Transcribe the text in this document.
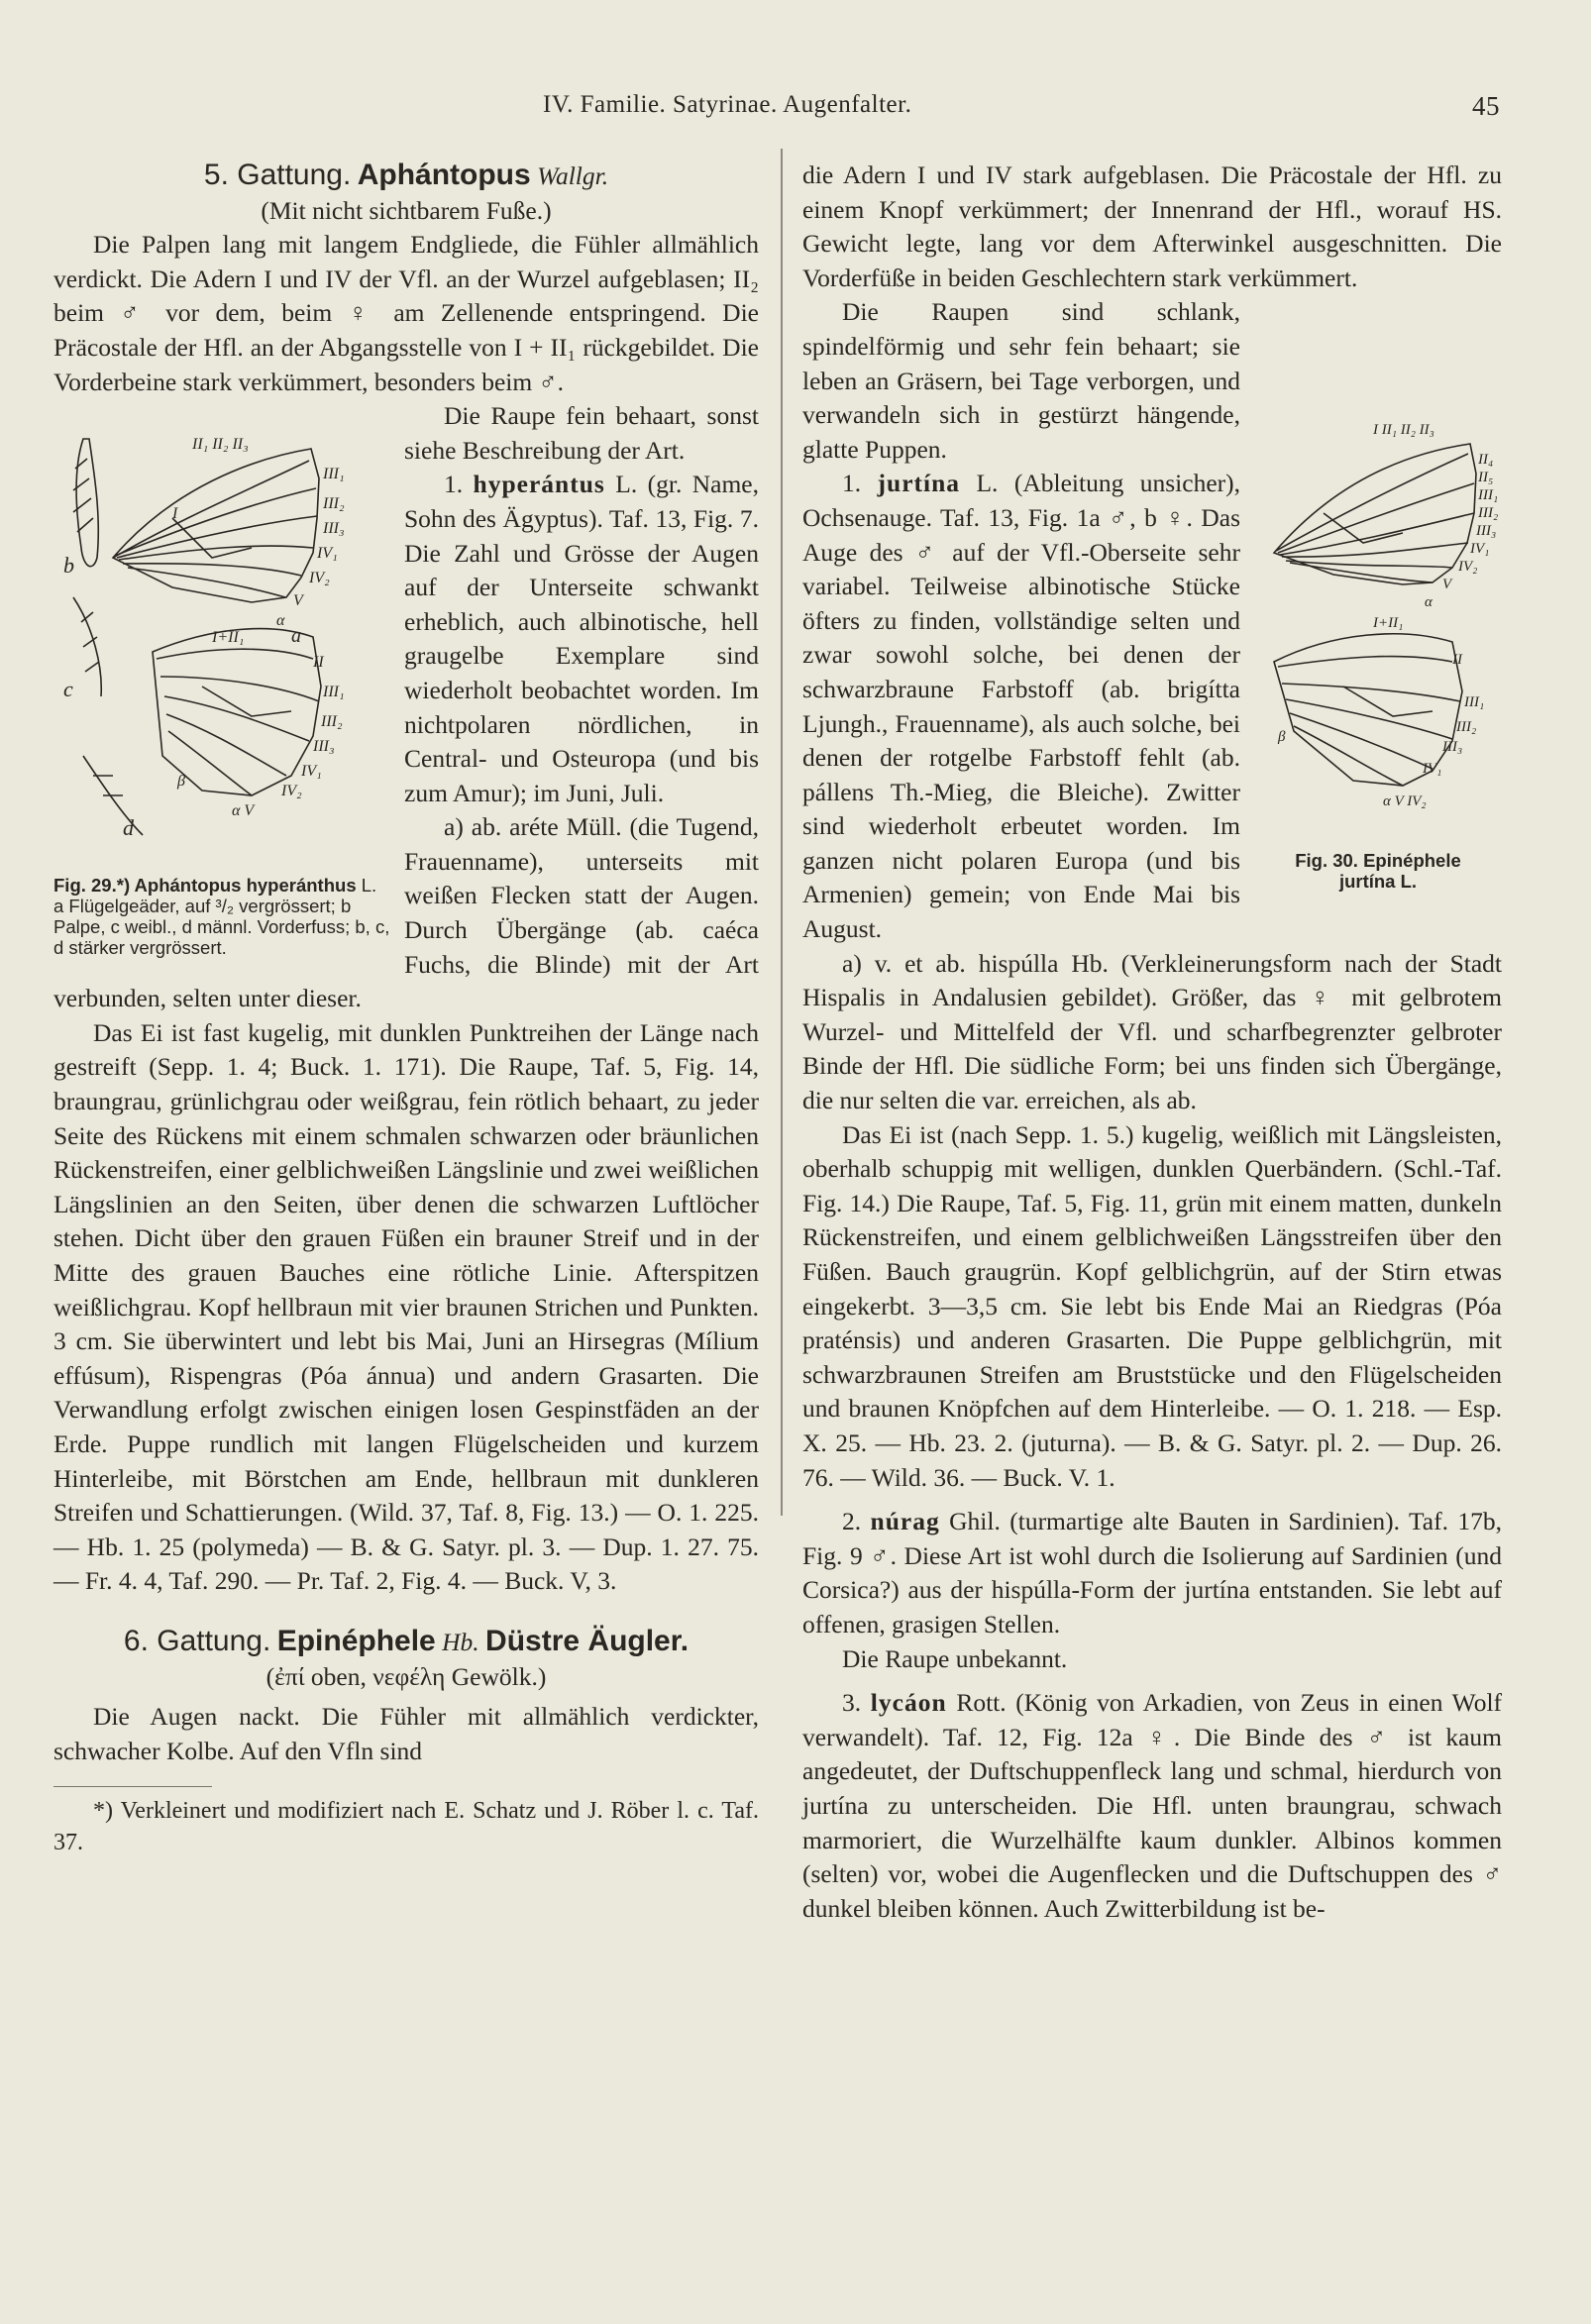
IV. Familie. Satyrinae. Augenfalter.	45

5. Gattung. Aphántopus Wallgr.

(Mit nicht sichtbarem Fuße.)

Die Palpen lang mit langem Endgliede, die Fühler allmählich verdickt. Die Adern I und IV der Vfl. an der Wurzel aufgeblasen; II₂ beim ♂ vor dem, beim ♀ am Zellenende entspringend. Die Präcostale der Hfl. an der Abgangsstelle von I + II₁ rückgebildet. Die Vorderbeine stark verkümmert, besonders beim ♂.

II₁ II₂ II₃
III₁
III₂
III₃
IV₁
IV₂
V
α
I
b
I+II₁ a
II
III₁
III₂
III₃
IV₁
IV₂
α V
β
c
d
Fig. 29.*) Aphántopus hyperánthus L. a Flügelgeäder, auf ³/₂ vergrössert; b Palpe, c weibl., d männl. Vorderfuss; b, c, d stärker vergrössert.

Die Raupe fein behaart, sonst siehe Beschreibung der Art.

1. hyperántus L. (gr. Name, Sohn des Ägyptus). Taf. 13, Fig. 7. Die Zahl und Grösse der Augen auf der Unterseite schwankt erheblich, auch albinotische, hell graugelbe Exemplare sind wiederholt beobachtet worden. Im nichtpolaren nördlichen, in Central- und Osteuropa (und bis zum Amur); im Juni, Juli.

a) ab. aréte Müll. (die Tugend, Frauenname), unterseits mit weißen Flecken statt der Augen. Durch Übergänge (ab. caéca Fuchs, die Blinde) mit der Art verbunden, selten unter dieser.

Das Ei ist fast kugelig, mit dunklen Punktreihen der Länge nach gestreift (Sepp. 1. 4; Buck. 1. 171). Die Raupe, Taf. 5, Fig. 14, braungrau, grünlichgrau oder weißgrau, fein rötlich behaart, zu jeder Seite des Rückens mit einem schmalen schwarzen oder bräunlichen Rückenstreifen, einer gelblichweißen Längslinie und zwei weißlichen Längslinien an den Seiten, über denen die schwarzen Luftlöcher stehen. Dicht über den grauen Füßen ein brauner Streif und in der Mitte des grauen Bauches eine rötliche Linie. Afterspitzen weißlichgrau. Kopf hellbraun mit vier braunen Strichen und Punkten. 3 cm. Sie überwintert und lebt bis Mai, Juni an Hirsegras (Mílium effúsum), Rispengras (Póa ánnua) und andern Grasarten. Die Verwandlung erfolgt zwischen einigen losen Gespinstfäden an der Erde. Puppe rundlich mit langen Flügelscheiden und kurzem Hinterleibe, mit Börstchen am Ende, hellbraun mit dunkleren Streifen und Schattierungen. (Wild. 37, Taf. 8, Fig. 13.) — O. 1. 225. — Hb. 1. 25 (polymeda) — B. & G. Satyr. pl. 3. — Dup. 1. 27. 75. — Fr. 4. 4, Taf. 290. — Pr. Taf. 2, Fig. 4. — Buck. V, 3.

6. Gattung. Epinéphele Hb. Düstre Äugler.

(ἐπί oben, νεφέλη Gewölk.)

Die Augen nackt. Die Fühler mit allmählich verdickter, schwacher Kolbe. Auf den Vfln sind

*) Verkleinert und modifiziert nach E. Schatz und J. Röber l. c. Taf. 37.

die Adern I und IV stark aufgeblasen. Die Präcostale der Hfl. zu einem Knopf verkümmert; der Innenrand der Hfl., worauf HS. Gewicht legte, lang vor dem Afterwinkel ausgeschnitten. Die Vorderfüße in beiden Geschlechtern stark verkümmert.

I II₁ II₂ II₃
II₄
II₅
III₁
III₂
III₃
IV₁
IV₂
V
α
I+II₁
II
III₁
III₂
III₃
IV₁
α V IV₂
β
Fig. 30. Epinéphele
jurtína L.

Die Raupen sind schlank, spindelförmig und sehr fein behaart; sie leben an Gräsern, bei Tage verborgen, und verwandeln sich in gestürzt hängende, glatte Puppen.

1. jurtína L. (Ableitung unsicher), Ochsenauge. Taf. 13, Fig. 1a ♂, b ♀. Das Auge des ♂ auf der Vfl.-Oberseite sehr variabel. Teilweise albinotische Stücke öfters zu finden, vollständige selten und zwar sowohl solche, bei denen der schwarzbraune Farbstoff (ab. brigítta Ljungh., Frauenname), als auch solche, bei denen der rotgelbe Farbstoff fehlt (ab. pállens Th.-Mieg, die Bleiche). Zwitter sind wiederholt erbeutet worden. Im ganzen nicht polaren Europa (und bis Armenien) gemein; von Ende Mai bis August.

a) v. et ab. hispúlla Hb. (Verkleinerungsform nach der Stadt Hispalis in Andalusien gebildet). Größer, das ♀ mit gelbrotem Wurzel- und Mittelfeld der Vfl. und scharfbegrenzter gelbroter Binde der Hfl. Die südliche Form; bei uns finden sich Übergänge, die nur selten die var. erreichen, als ab.

Das Ei ist (nach Sepp. 1. 5.) kugelig, weißlich mit Längsleisten, oberhalb schuppig mit welligen, dunklen Querbändern. (Schl.-Taf. Fig. 14.) Die Raupe, Taf. 5, Fig. 11, grün mit einem matten, dunkeln Rückenstreifen, und einem gelblichweißen Längsstreifen über den Füßen. Bauch graugrün. Kopf gelblichgrün, auf der Stirn etwas eingekerbt. 3—3,5 cm. Sie lebt bis Ende Mai an Riedgras (Póa praténsis) und anderen Grasarten. Die Puppe gelblichgrün, mit schwarzbraunen Streifen am Bruststücke und den Flügelscheiden und braunen Knöpfchen auf dem Hinterleibe. — O. 1. 218. — Esp. X. 25. — Hb. 23. 2. (juturna). — B. & G. Satyr. pl. 2. — Dup. 26. 76. — Wild. 36. — Buck. V. 1.

2. núrag Ghil. (turmartige alte Bauten in Sardinien). Taf. 17b, Fig. 9 ♂. Diese Art ist wohl durch die Isolierung auf Sardinien (und Corsica?) aus der hispúlla-Form der jurtína entstanden. Sie lebt auf offenen, grasigen Stellen.

Die Raupe unbekannt.

3. lycáon Rott. (König von Arkadien, von Zeus in einen Wolf verwandelt). Taf. 12, Fig. 12a ♀. Die Binde des ♂ ist kaum angedeutet, der Duftschuppenfleck lang und schmal, hierdurch von jurtína zu unterscheiden. Die Hfl. unten braungrau, schwach marmoriert, die Wurzelhälfte kaum dunkler. Albinos kommen (selten) vor, wobei die Augenflecken und die Duftschuppen des ♂ dunkel bleiben können. Auch Zwitterbildung ist be-
